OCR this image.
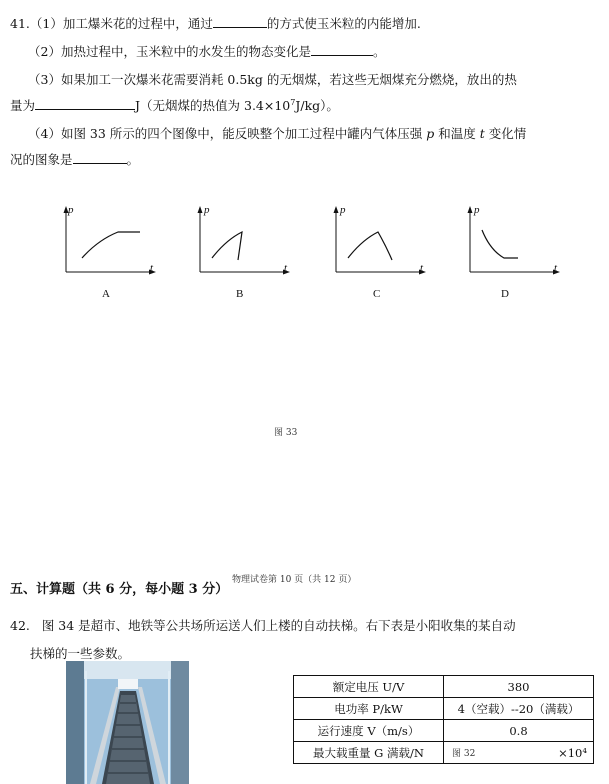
41.（1）加工爆米花的过程中，通过	的方式使玉米粒的内能增加.
（2）加热过程中，玉米粒中的水发生的物态变化是	。
（3）如果加工一次爆米花需要消耗 0.5kg 的无烟煤，若这些无烟煤充分燃烧，放出的热
量为	J（无烟煤的热值为 $3.4\times 10^7J/kg$）。
（4）如图 33 所示的四个图像中，能反映整个加工过程中罐内气体压强 p 和温度 t 变化情
况的图象是	。
p
t
A
p
t
B
p
t
C
p
t
D
图 33
五、计算题（共 6 分，每小题 3 分）
物理试卷第 10 页（共 12 页）
42. 图 34 是超市、地铁等公共场所运送人们上楼的自动扶梯。右下表是小阳收集的某自动
扶梯的一些参数。
额定电压 U/V	380
电功率 P/kW	4（空载）--20（满载）
运行速度 V（m/s）	0.8
最大载重量 G 满载/N	图 32 ×10⁴
